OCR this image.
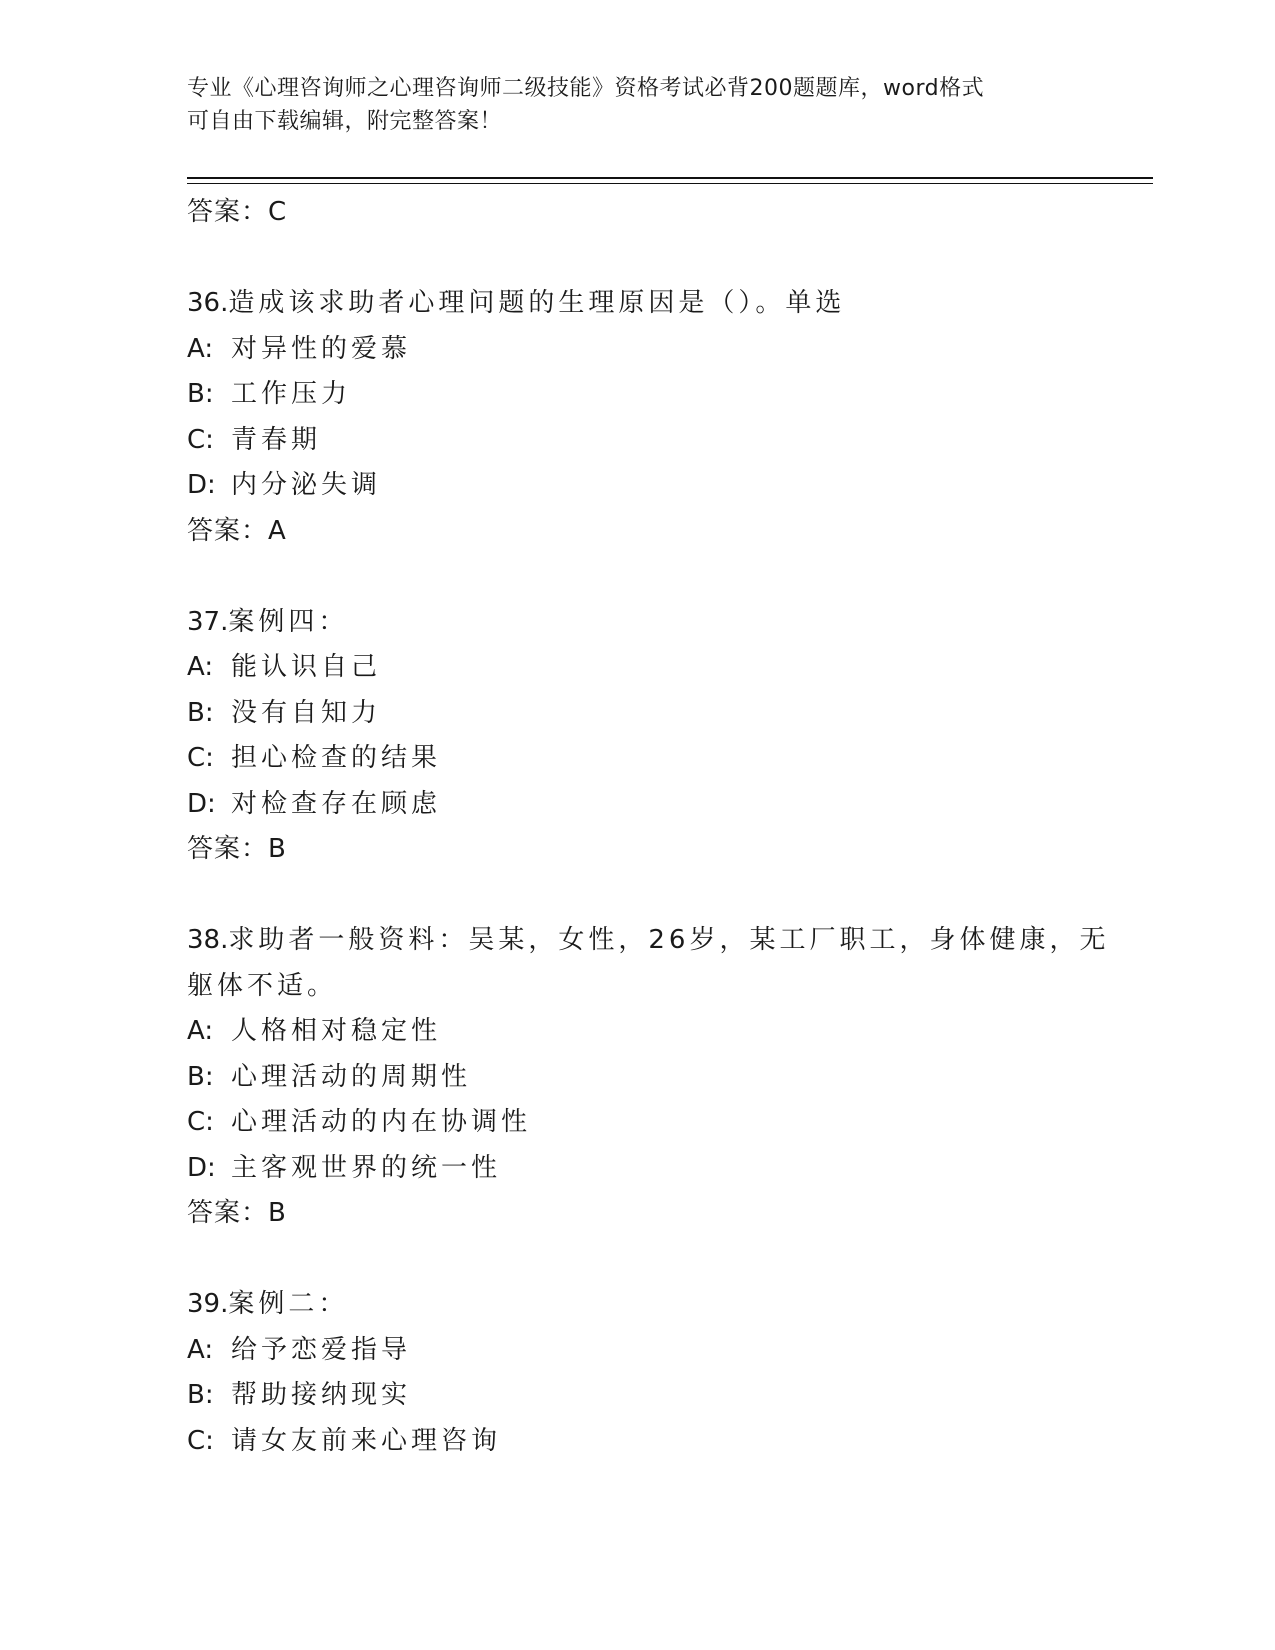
专业《心理咨询师之心理咨询师二级技能》资格考试必背200题题库，word格式
可自由下载编辑，附完整答案！
答案：C
36.造成该求助者心理问题的生理原因是（）。单选
A: 对异性的爱慕
B: 工作压力
C: 青春期
D: 内分泌失调
答案：A
37.案例四：
A: 能认识自己
B: 没有自知力
C: 担心检查的结果
D: 对检查存在顾虑
答案：B
38.求助者一般资料：吴某，女性，26岁，某工厂职工，身体健康，无
躯体不适。
A: 人格相对稳定性
B: 心理活动的周期性
C: 心理活动的内在协调性
D: 主客观世界的统一性
答案：B
39.案例二：
A: 给予恋爱指导
B: 帮助接纳现实
C: 请女友前来心理咨询
